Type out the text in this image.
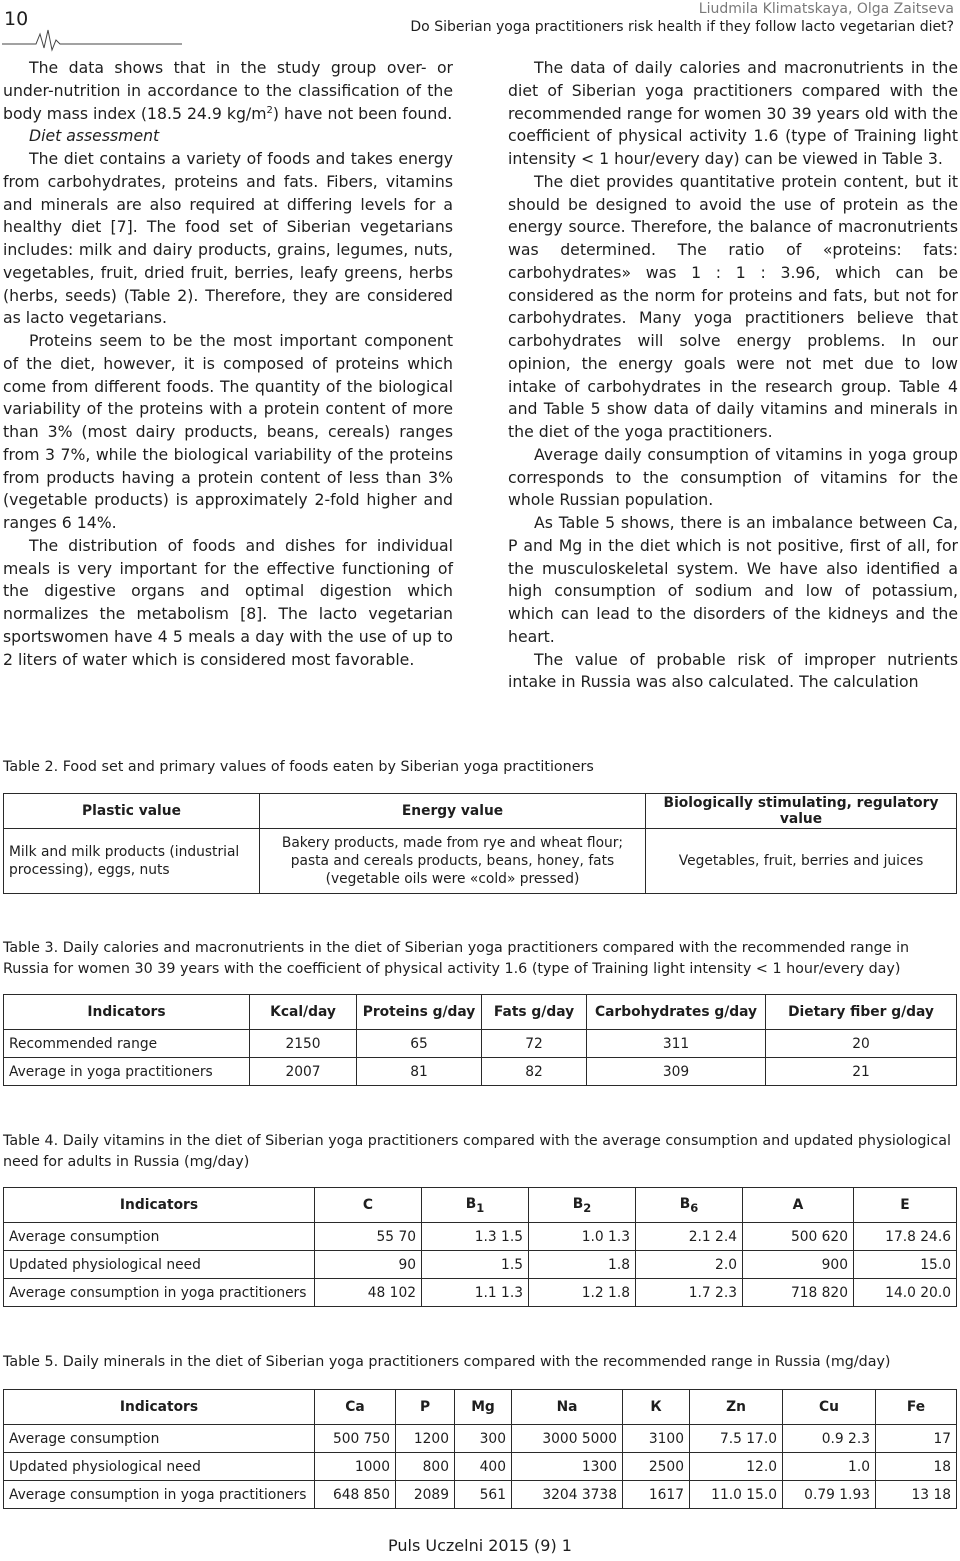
10	Liudmila Klimatskaya, Olga Zaitseva
Do Siberian yoga practitioners risk health if they follow lacto vegetarian diet?

The data shows that in the study group over- or under-nutrition in accordance to the classification of the body mass index (18.5 24.9 $kg/m^2$) have not been found.

Diet assessment

The diet contains a variety of foods and takes energy from carbohydrates, proteins and fats. Fibers, vitamins and minerals are also required at differing levels for a healthy diet [7]. The food set of Siberian vegetarians includes: milk and dairy products, grains, legumes, nuts, vegetables, fruit, dried fruit, berries, leafy greens, herbs (herbs, seeds) (Table 2). Therefore, they are considered as lacto vegetarians.

Proteins seem to be the most important component of the diet, however, it is composed of proteins which come from different foods. The quantity of the biological variability of the proteins with a protein content of more than 3% (most dairy products, beans, cereals) ranges from 3 7%, while the biological variability of the proteins from products having a protein content of less than 3% (vegetable products) is approximately 2-fold higher and ranges 6 14%.

The distribution of foods and dishes for individual meals is very important for the effective functioning of the digestive organs and optimal digestion which normalizes the metabolism [8]. The lacto vegetarian sportswomen have 4 5 meals a day with the use of up to 2 liters of water which is considered most favorable.

The data of daily calories and macronutrients in the diet of Siberian yoga practitioners compared with the recommended range for women 30 39 years old with the coefficient of physical activity 1.6 (type of Training light intensity < 1 hour/every day) can be viewed in Table 3.

The diet provides quantitative protein content, but it should be designed to avoid the use of protein as the energy source. Therefore, the balance of macronutrients was determined. The ratio of «proteins: fats: carbohydrates» was 1 : 1 : 3.96, which can be considered as the norm for proteins and fats, but not for carbohydrates. Many yoga practitioners believe that carbohydrates will solve energy problems. In our opinion, the energy goals were not met due to low intake of carbohydrates in the research group. Table 4 and Table 5 show data of daily vitamins and minerals in the diet of the yoga practitioners.

Average daily consumption of vitamins in yoga group corresponds to the consumption of vitamins for the whole Russian population.

As Table 5 shows, there is an imbalance between Ca, P and Mg in the diet which is not positive, first of all, for the musculoskeletal system. We have also identified a high consumption of sodium and low of potassium, which can lead to the disorders of the kidneys and the heart.

The value of probable risk of improper nutrients intake in Russia was also calculated. The calculation

Table 2. Food set and primary values of foods eaten by Siberian yoga practitioners
Plastic value	Energy value	Biologically stimulating, regulatory value
Milk and milk products (industrial processing), eggs, nuts	Bakery products, made from rye and wheat flour; pasta and cereals products, beans, honey, fats (vegetable oils were «cold» pressed)	Vegetables, fruit, berries and juices
Table 3. Daily calories and macronutrients in the diet of Siberian yoga practitioners compared with the recommended range in Russia for women 30 39 years with the coefficient of physical activity 1.6 (type of Training light intensity < 1 hour/every day)
Indicators	Kcal/day	Proteins g/day	Fats g/day	Carbohydrates g/day	Dietary fiber g/day
Recommended range	2150	65	72	311	20
Average in yoga practitioners	2007	81	82	309	21
Table 4. Daily vitamins in the diet of Siberian yoga practitioners compared with the average consumption and updated physiological need for adults in Russia (mg/day)
Indicators	C	$B_1$	$B_2$	$B_6$	A	E
Average consumption	55 70	1.3 1.5	1.0 1.3	2.1 2.4	500 620	17.8 24.6
Updated physiological need	90	1.5	1.8	2.0	900	15.0
Average consumption in yoga practitioners	48 102	1.1 1.3	1.2 1.8	1.7 2.3	718 820	14.0 20.0
Table 5. Daily minerals in the diet of Siberian yoga practitioners compared with the recommended range in Russia (mg/day)
Indicators	Ca	P	Mg	Na	К	Zn	Cu	Fe
Average consumption	500 750	1200	300	3000 5000	3100	7.5 17.0	0.9 2.3	17
Updated physiological need	1000	800	400	1300	2500	12.0	1.0	18
Average consumption in yoga practitioners	648 850	2089	561	3204 3738	1617	11.0 15.0	0.79 1.93	13 18
Puls Uczelni 2015 (9) 1
